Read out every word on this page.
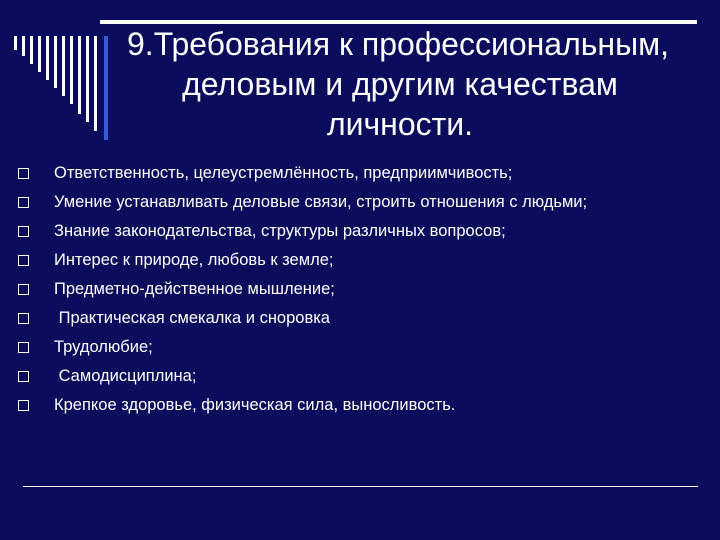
9.Требования к профессиональным,
деловым и другим качествам
личности.
Ответственность, целеустремлённость, предприимчивость;
Умение устанавливать деловые связи, строить отношения с людьми;
Знание законодательства, структуры различных вопросов;
Интерес к природе, любовь к земле;
Предметно-действенное мышление;
Практическая смекалка и сноровка
Трудолюбие;
Самодисциплина;
Крепкое здоровье, физическая сила, выносливость.
